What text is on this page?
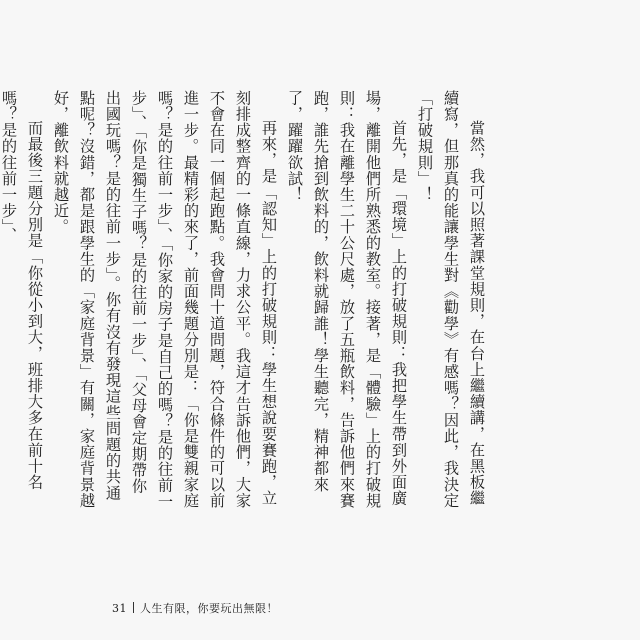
當然，我可以照著課堂規則，在台上繼續講，在黑板繼續寫，但那真的能讓學生對《勸學》有感嗎？因此，我決定「打破規則」！

首先，是「環境」上的打破規則：我把學生帶到外面廣場，離開他們所熟悉的教室。接著，是「體驗」上的打破規則：我在離學生二十公尺處，放了五瓶飲料，告訴他們來賽跑，誰先搶到飲料的，飲料就歸誰！學生聽完，精神都來了，躍躍欲試！

再來，是「認知」上的打破規則：學生想說要賽跑，立刻排成整齊的一條直線，力求公平。我這才告訴他們，大家不會在同一個起跑點。我會問十道問題，符合條件的可以前進一步。最精彩的來了，前面幾題分別是：「你是雙親家庭嗎？是的往前一步」、「你家的房子是自己的嗎？是的往前一步」、「你是獨生子嗎？是的往前一步」、「父母會定期帶你出國玩嗎？是的往前一步」。你有沒有發現這些問題的共通點呢？沒錯，都是跟學生的「家庭背景」有關，家庭背景越好，離飲料就越近。

而最後三題分別是「你從小到大，班排大多在前十名嗎？是的往前一步」、

31 人生有限，你要玩出無限！
